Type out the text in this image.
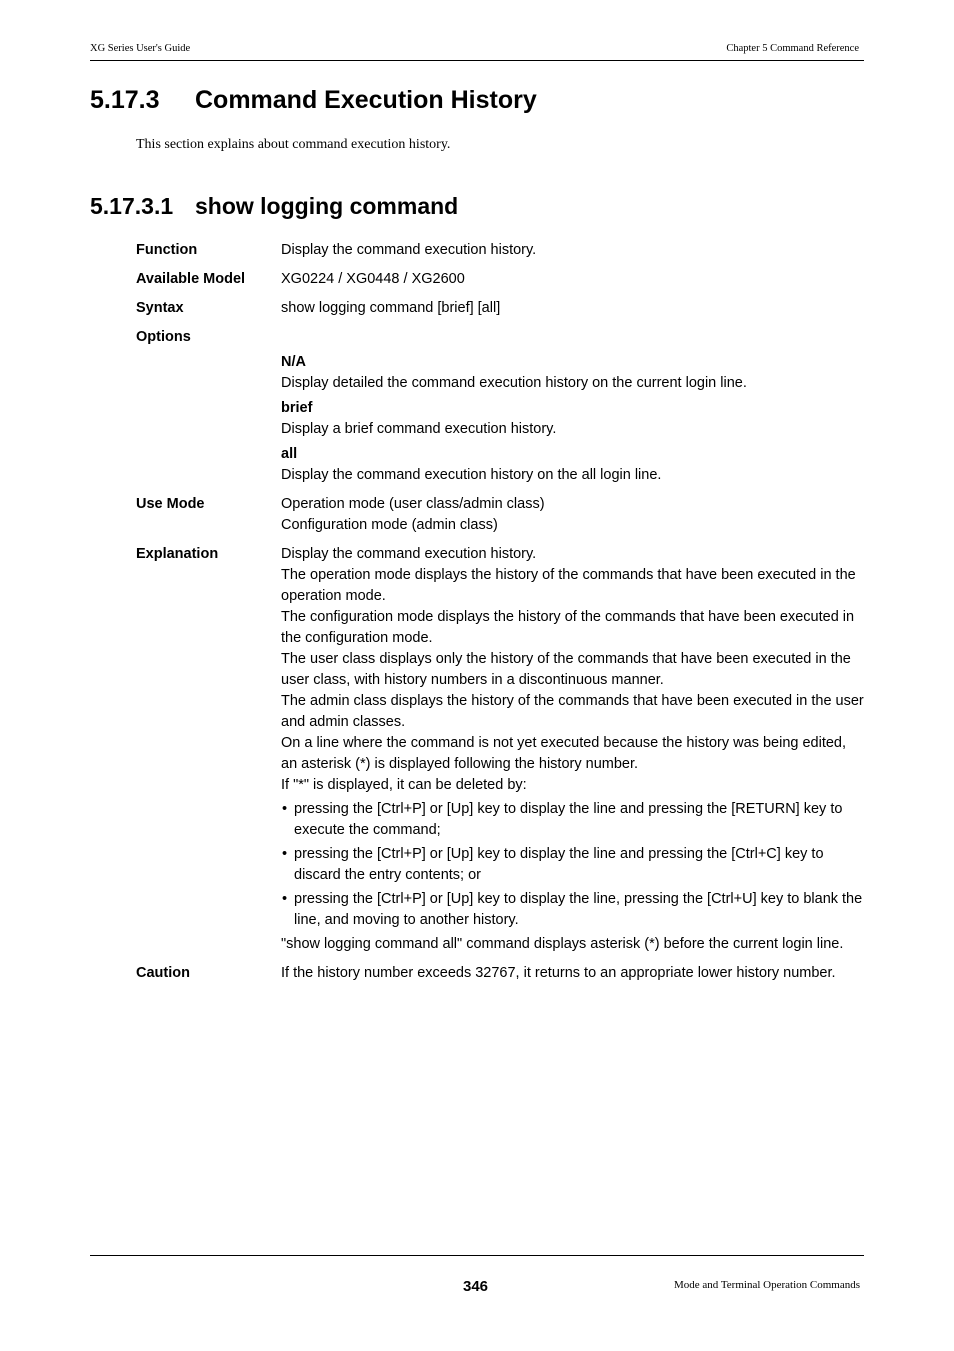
XG Series User's Guide	Chapter 5 Command Reference
5.17.3 Command Execution History
This section explains about command execution history.
5.17.3.1 show logging command
Function	Display the command execution history.
Available Model	XG0224 / XG0448 / XG2600
Syntax	show logging command [brief] [all]
Options
N/A
Display detailed the command execution history on the current login line.
brief
Display a brief command execution history.
all
Display the command execution history on the all login line.
Use Mode	Operation mode (user class/admin class)
Configuration mode (admin class)
Explanation	Display the command execution history.
The operation mode displays the history of the commands that have been executed in the operation mode.
The configuration mode displays the history of the commands that have been executed in the configuration mode.
The user class displays only the history of the commands that have been executed in the user class, with history numbers in a discontinuous manner.
The admin class displays the history of the commands that have been executed in the user and admin classes.
On a line where the command is not yet executed because the history was being edited, an asterisk (*) is displayed following the history number.
If "*" is displayed, it can be deleted by:
• pressing the [Ctrl+P] or [Up] key to display the line and pressing the [RETURN] key to execute the command;
• pressing the [Ctrl+P] or [Up] key to display the line and pressing the [Ctrl+C] key to discard the entry contents; or
• pressing the [Ctrl+P] or [Up] key to display the line, pressing the [Ctrl+U] key to blank the line, and moving to another history.
"show logging command all" command displays asterisk (*) before the current login line.
Caution	If the history number exceeds 32767, it returns to an appropriate lower history number.
346	Mode and Terminal Operation Commands
